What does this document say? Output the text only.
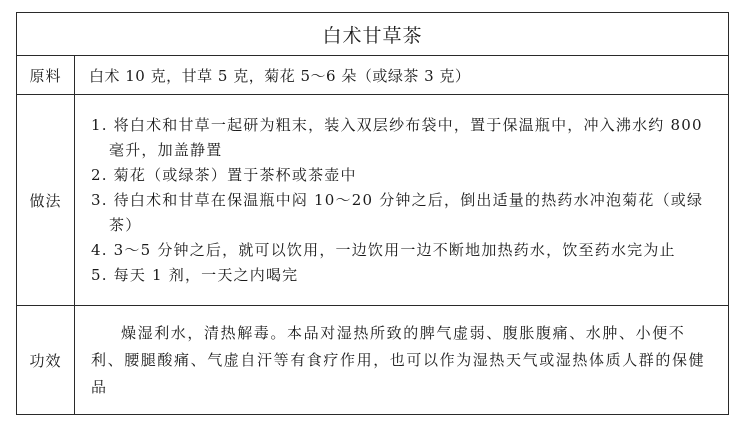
白术甘草茶	
原料	白术 10 克，甘草 5 克，菊花 5～6 朵（或绿茶 3 克）
做法	1. 将白术和甘草一起研为粗末，装入双层纱布袋中，置于保温瓶中，冲入沸水约 800 毫升，加盖静置

2. 菊花（或绿茶）置于茶杯或茶壶中

3. 待白术和甘草在保温瓶中闷 10～20 分钟之后，倒出适量的热药水冲泡菊花（或绿茶）

4. 3～5 分钟之后，就可以饮用，一边饮用一边不断地加热药水，饮至药水完为止

5. 每天 1 剂，一天之内喝完

功效	燥湿利水，清热解毒。本品对湿热所致的脾气虚弱、腹胀腹痛、水肿、小便不利、腰腿酸痛、气虚自汗等有食疗作用，也可以作为湿热天气或湿热体质人群的保健品
